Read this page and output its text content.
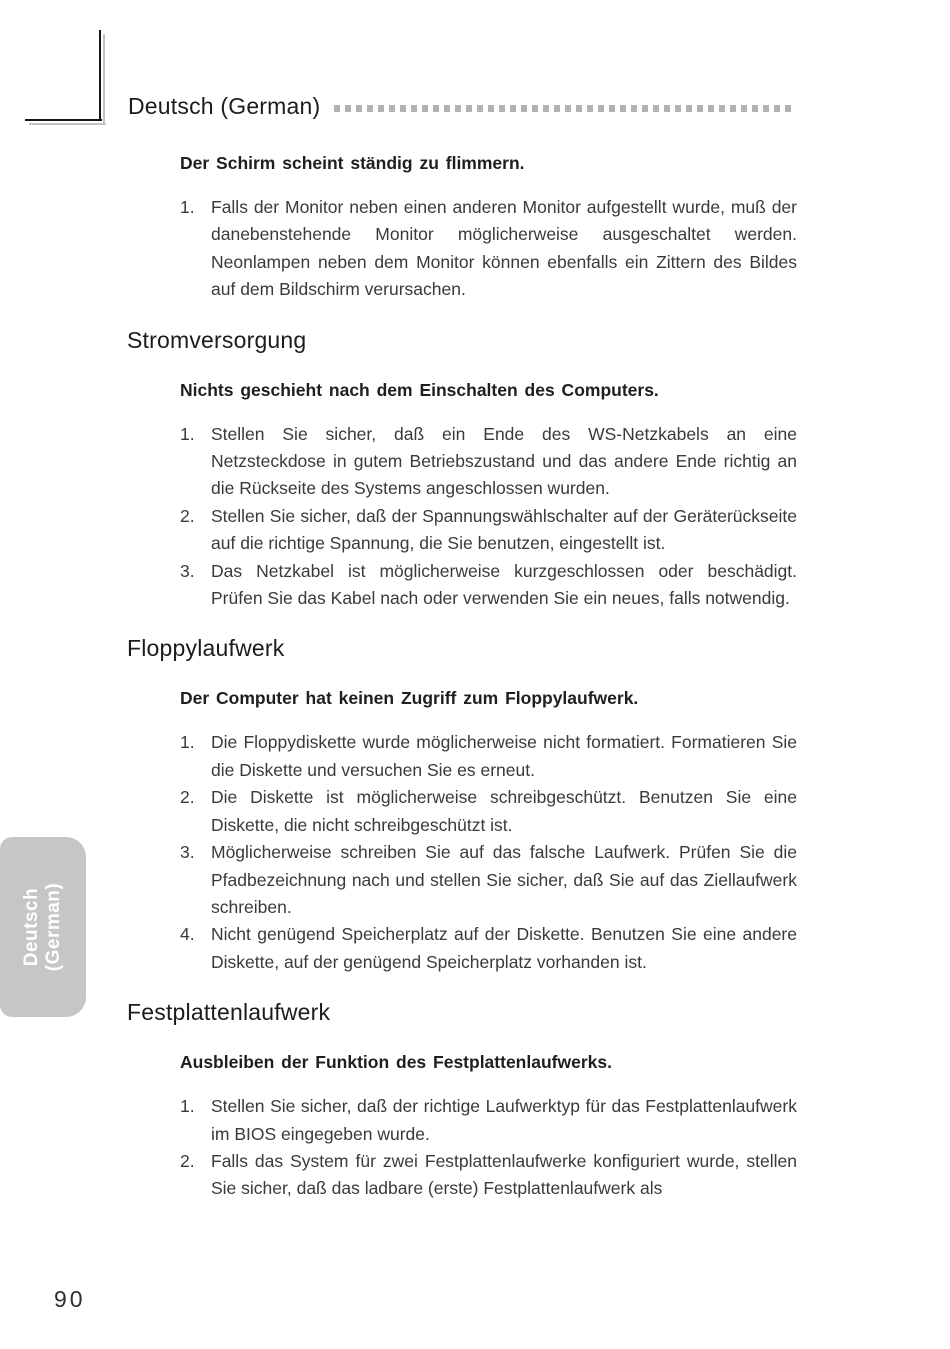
Deutsch (German)

Der Schirm scheint ständig zu flimmern.

Falls der Monitor neben einen anderen Monitor aufgestellt wurde, muß der danebenstehende Monitor möglicherweise ausgeschaltet werden. Neonlampen neben dem Monitor können ebenfalls ein Zittern des Bildes auf dem Bildschirm verursachen.
Stromversorgung

Nichts geschieht nach dem Einschalten des Computers.

Stellen Sie sicher, daß ein Ende des WS-Netzkabels an eine Netzsteckdose in gutem Betriebszustand und das andere Ende richtig an die Rückseite des Systems angeschlossen wurden.
Stellen Sie sicher, daß der Spannungswählschalter auf der Geräterückseite auf die richtige Spannung, die Sie benutzen, eingestellt ist.
Das Netzkabel ist möglicherweise kurzgeschlossen oder beschädigt. Prüfen Sie das Kabel nach oder verwenden Sie ein neues, falls notwendig.
Floppylaufwerk

Der Computer hat keinen Zugriff zum Floppylaufwerk.

Die Floppydiskette wurde möglicherweise nicht formatiert. Formatieren Sie die Diskette und versuchen Sie es erneut.
Die Diskette ist möglicherweise schreibgeschützt. Benutzen Sie eine Diskette, die nicht schreibgeschützt ist.
Möglicherweise schreiben Sie auf das falsche Laufwerk. Prüfen Sie die Pfadbezeichnung nach und stellen Sie sicher, daß Sie auf das Ziellaufwerk schreiben.
Nicht genügend Speicherplatz auf der Diskette. Benutzen Sie eine andere Diskette, auf der genügend Speicherplatz vorhanden ist.
Festplattenlaufwerk

Ausbleiben der Funktion des Festplattenlaufwerks.

Stellen Sie sicher, daß der richtige Laufwerktyp für das Festplattenlaufwerk im BIOS eingegeben wurde.
Falls das System für zwei Festplattenlaufwerke konfiguriert wurde, stellen Sie sicher, daß das ladbare (erste) Festplattenlaufwerk als
Deutsch
(German)
90
